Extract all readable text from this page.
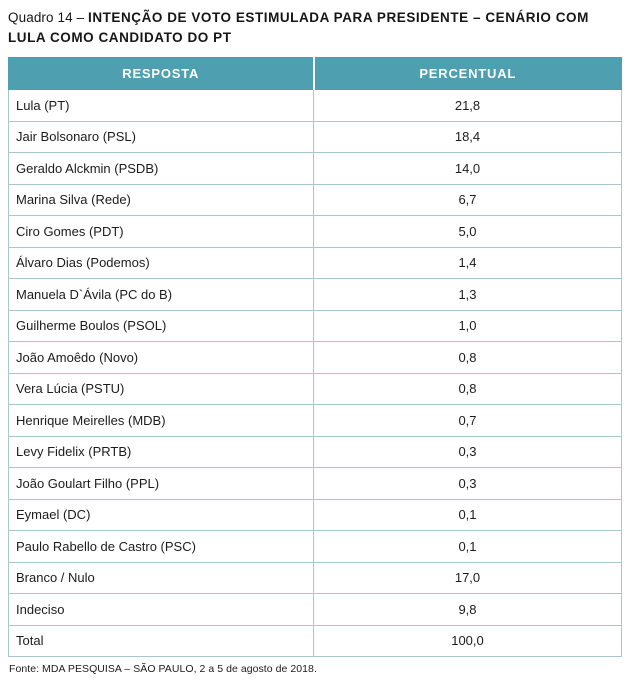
Quadro 14 – INTENÇÃO DE VOTO ESTIMULADA PARA PRESIDENTE – CENÁRIO COM LULA COMO CANDIDATO DO PT

RESPOSTA	PERCENTUAL
Lula (PT)	21,8
Jair Bolsonaro (PSL)	18,4
Geraldo Alckmin (PSDB)	14,0
Marina Silva (Rede)	6,7
Ciro Gomes (PDT)	5,0
Álvaro Dias (Podemos)	1,4
Manuela D`Ávila (PC do B)	1,3
Guilherme Boulos (PSOL)	1,0
João Amoêdo (Novo)	0,8
Vera Lúcia (PSTU)	0,8
Henrique Meirelles (MDB)	0,7
Levy Fidelix (PRTB)	0,3
João Goulart Filho (PPL)	0,3
Eymael (DC)	0,1
Paulo Rabello de Castro (PSC)	0,1
Branco / Nulo	17,0
Indeciso	9,8
Total	100,0
Fonte: MDA PESQUISA – SÃO PAULO, 2 a 5 de agosto de 2018.
